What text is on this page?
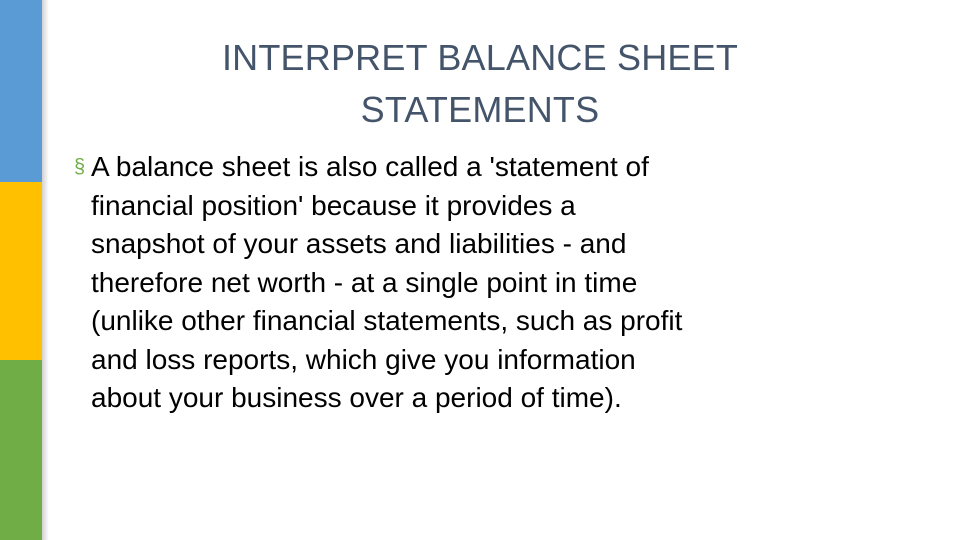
INTERPRET BALANCE SHEET
STATEMENTS
§ A balance sheet is also called a 'statement of
financial position' because it provides a
snapshot of your assets and liabilities - and
therefore net worth - at a single point in time
(unlike other financial statements, such as profit
and loss reports, which give you information
about your business over a period of time).
